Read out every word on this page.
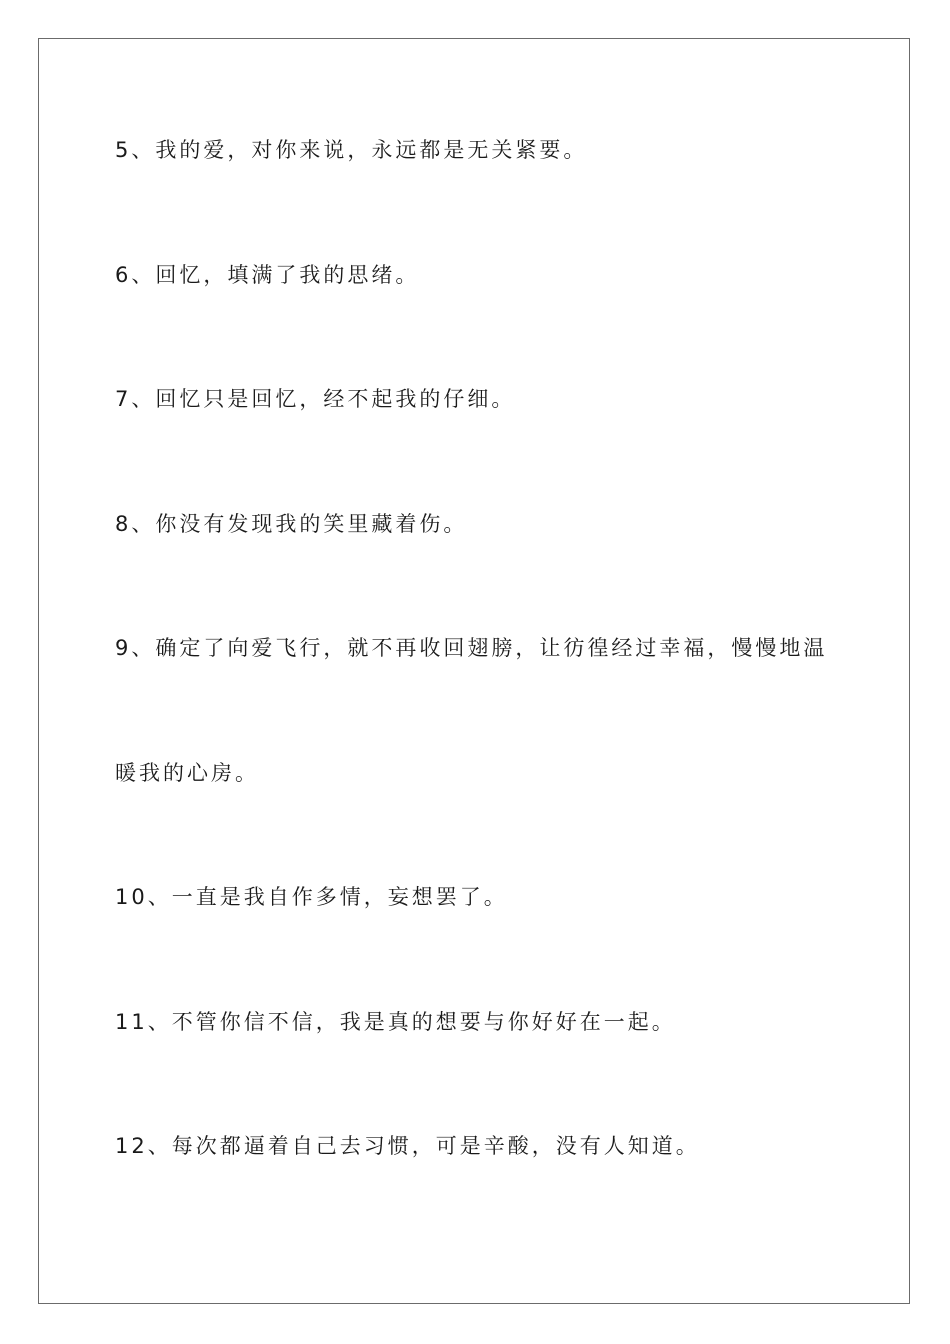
5、我的爱，对你来说，永远都是无关紧要。
6、回忆，填满了我的思绪。
7、回忆只是回忆，经不起我的仔细。
8、你没有发现我的笑里藏着伤。
9、确定了向爱飞行，就不再收回翅膀，让彷徨经过幸福，慢慢地温
暖我的心房。
10、一直是我自作多情，妄想罢了。
11、不管你信不信，我是真的想要与你好好在一起。
12、每次都逼着自己去习惯，可是辛酸，没有人知道。
